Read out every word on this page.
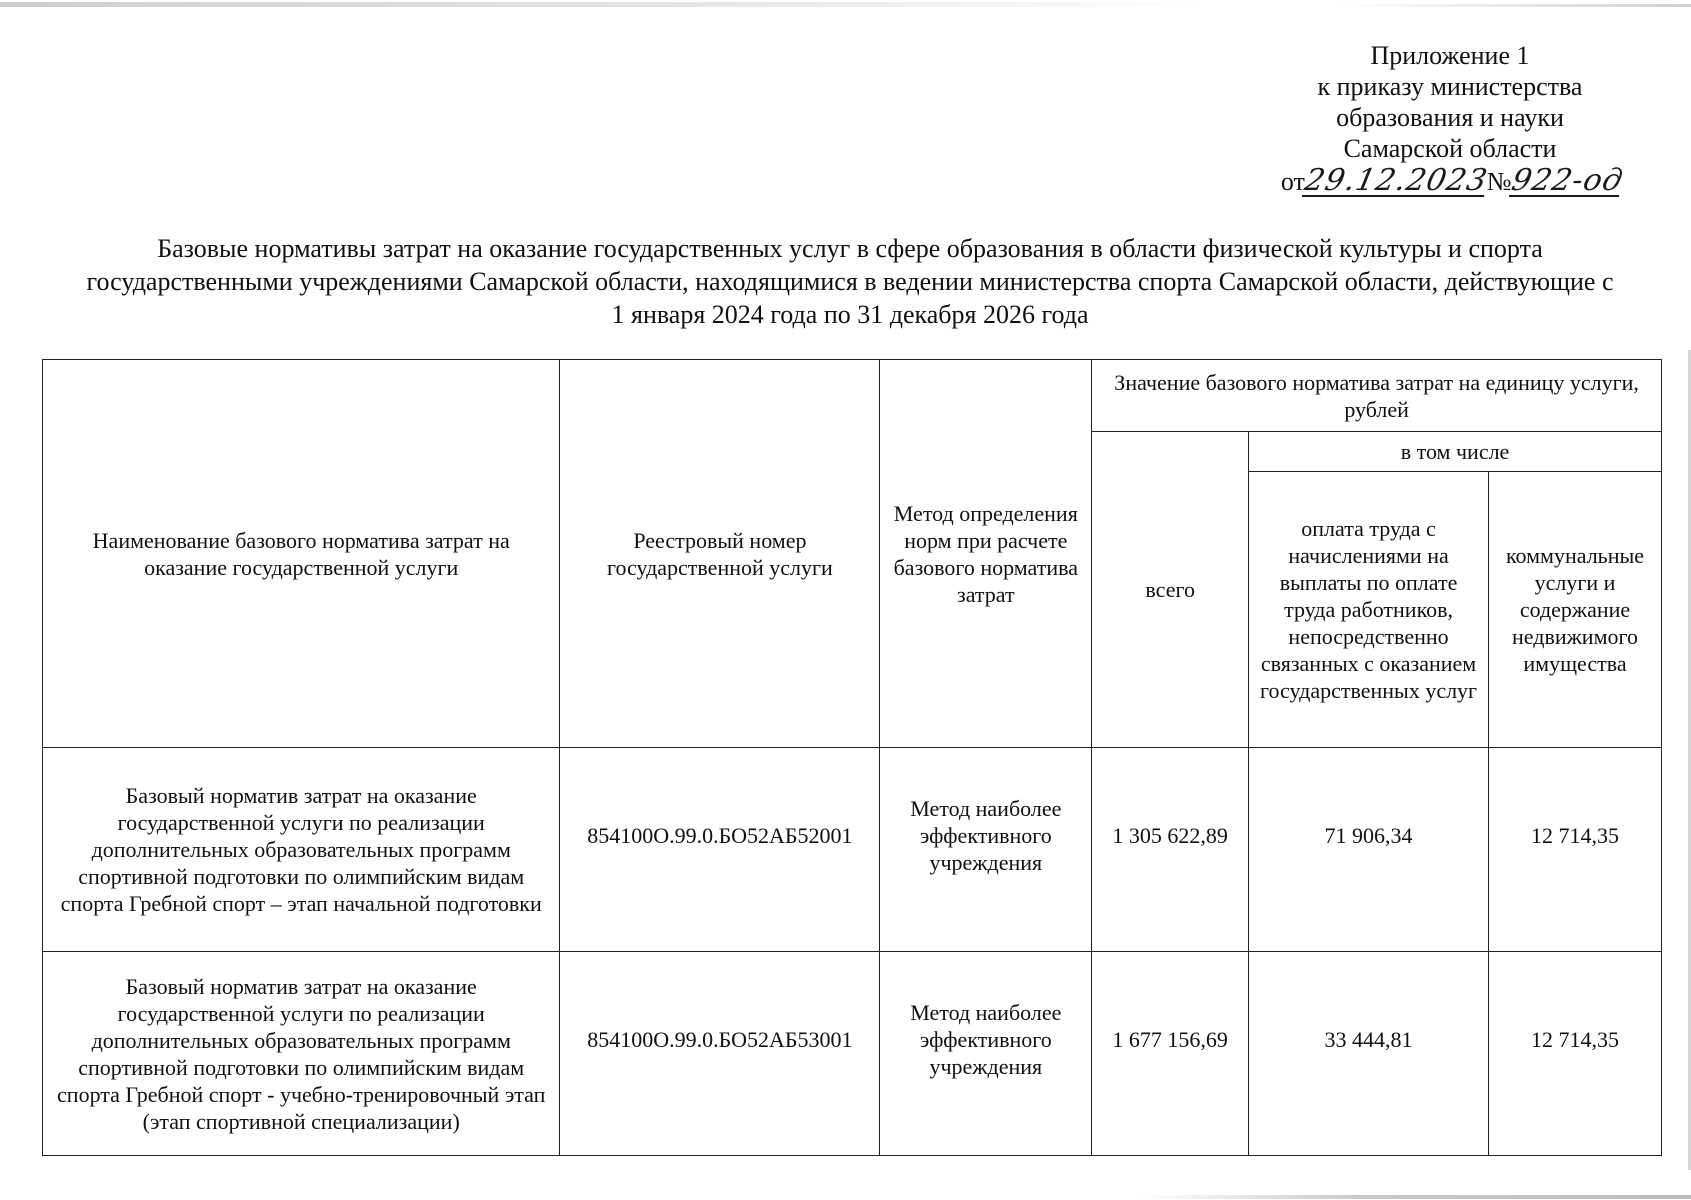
Приложение 1
к приказу министерства
образования и науки
Самарской области
от29.12.2023№922-од
Базовые нормативы затрат на оказание государственных услуг в сфере образования в области физической культуры и спорта государственными учреждениями Самарской области, находящимися в ведении министерства спорта Самарской области, действующие с 1 января 2024 года по 31 декабря 2026 года
Наименование базового норматива затрат на оказание государственной услуги	Реестровый номер государственной услуги	Метод определения норм при расчете базового норматива затрат	Значение базового норматива затрат на единицу услуги, рублей		
			всего	в том числе	
				оплата труда с начислениями на выплаты по оплате труда работников, непосредственно связанных с оказанием государственных услуг	коммунальные услуги и содержание недвижимого имущества
Базовый норматив затрат на оказание государственной услуги по реализации дополнительных образовательных программ спортивной подготовки по олимпийским видам спорта Гребной спорт – этап начальной подготовки	854100О.99.0.БО52АБ52001	Метод наиболее эффективного учреждения	1 305 622,89	71 906,34	12 714,35
Базовый норматив затрат на оказание государственной услуги по реализации дополнительных образовательных программ спортивной подготовки по олимпийским видам спорта Гребной спорт - учебно-тренировочный этап (этап спортивной специализации)	854100О.99.0.БО52АБ53001	Метод наиболее эффективного учреждения	1 677 156,69	33 444,81	12 714,35
